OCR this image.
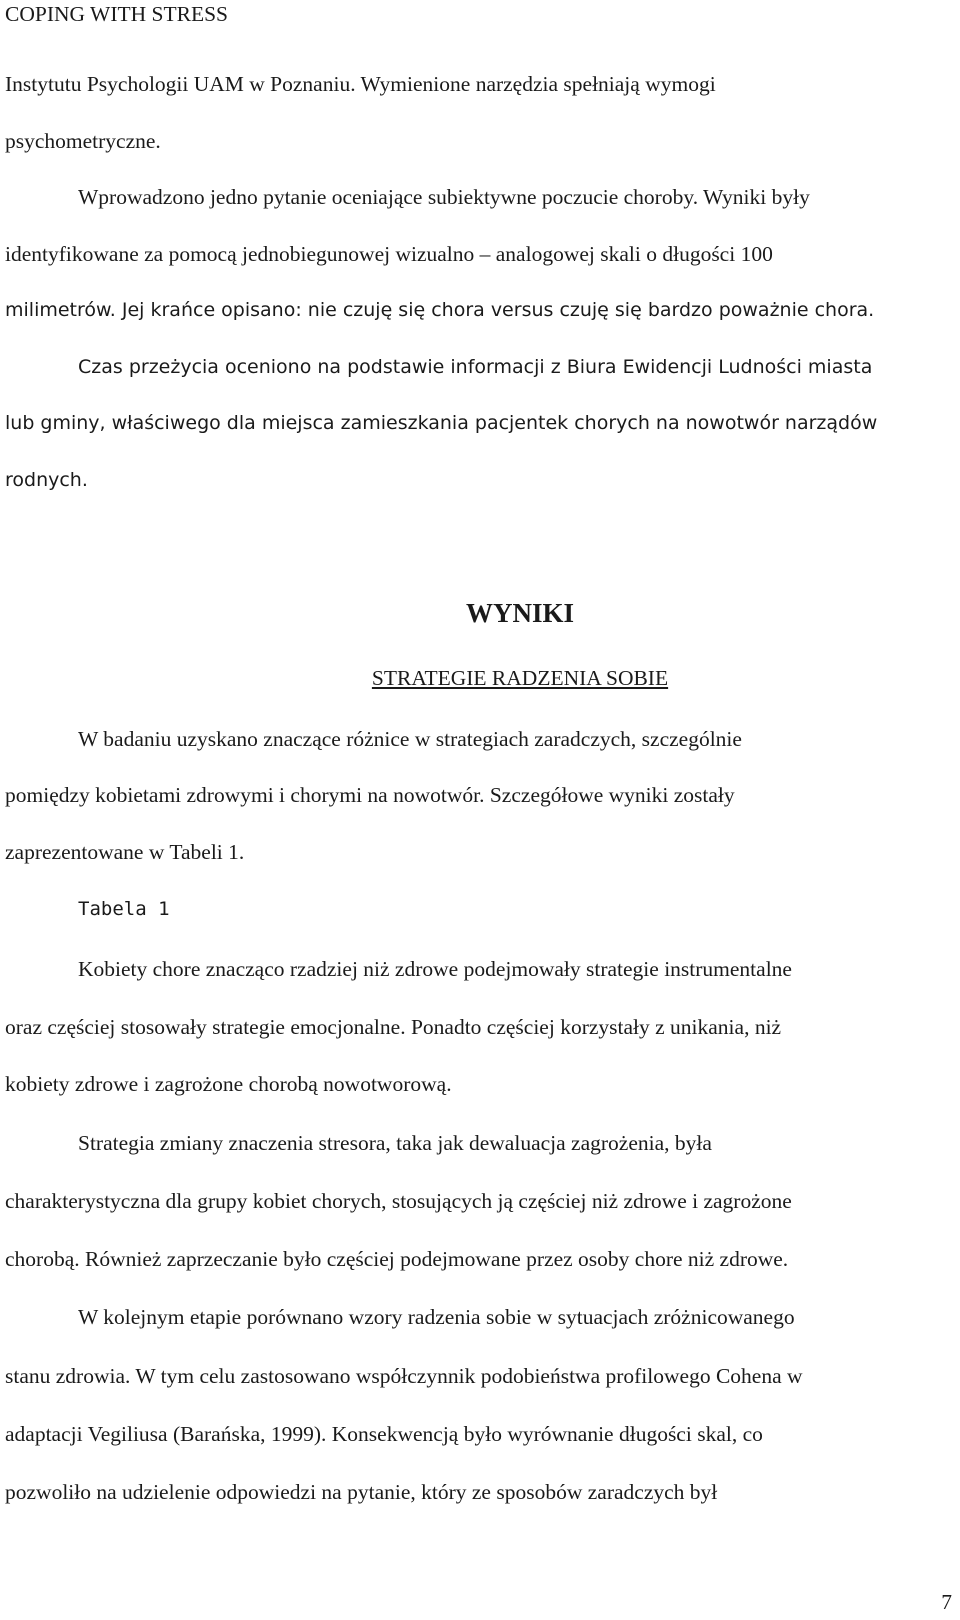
COPING WITH STRESS
Instytutu Psychologii UAM w Poznaniu. Wymienione narzędzia spełniają wymogi
psychometryczne.
Wprowadzono jedno pytanie oceniające subiektywne poczucie choroby. Wyniki były
identyfikowane za pomocą jednobiegunowej wizualno – analogowej skali o długości 100
milimetrów. Jej krańce opisano: nie czuję się chora versus czuję się bardzo poważnie chora.
Czas przeżycia oceniono na podstawie informacji z Biura Ewidencji Ludności miasta
lub gminy, właściwego dla miejsca zamieszkania pacjentek chorych na nowotwór narządów
rodnych.
WYNIKI
STRATEGIE RADZENIA SOBIE
W badaniu uzyskano znaczące różnice w strategiach zaradczych, szczególnie
pomiędzy kobietami zdrowymi i chorymi na nowotwór. Szczegółowe wyniki zostały
zaprezentowane w Tabeli 1.
Tabela 1
Kobiety chore znacząco rzadziej niż zdrowe podejmowały strategie instrumentalne
oraz częściej stosowały strategie emocjonalne. Ponadto częściej korzystały z unikania, niż
kobiety zdrowe i zagrożone chorobą nowotworową.
Strategia zmiany znaczenia stresora, taka jak dewaluacja zagrożenia, była
charakterystyczna dla grupy kobiet chorych, stosujących ją częściej niż zdrowe i zagrożone
chorobą. Również zaprzeczanie było częściej podejmowane przez osoby chore niż zdrowe.
W kolejnym etapie porównano wzory radzenia sobie w sytuacjach zróżnicowanego
stanu zdrowia. W tym celu zastosowano współczynnik podobieństwa profilowego Cohena w
adaptacji Vegiliusa (Barańska, 1999). Konsekwencją było wyrównanie długości skal, co
pozwoliło na udzielenie odpowiedzi na pytanie, który ze sposobów zaradczych był
7
